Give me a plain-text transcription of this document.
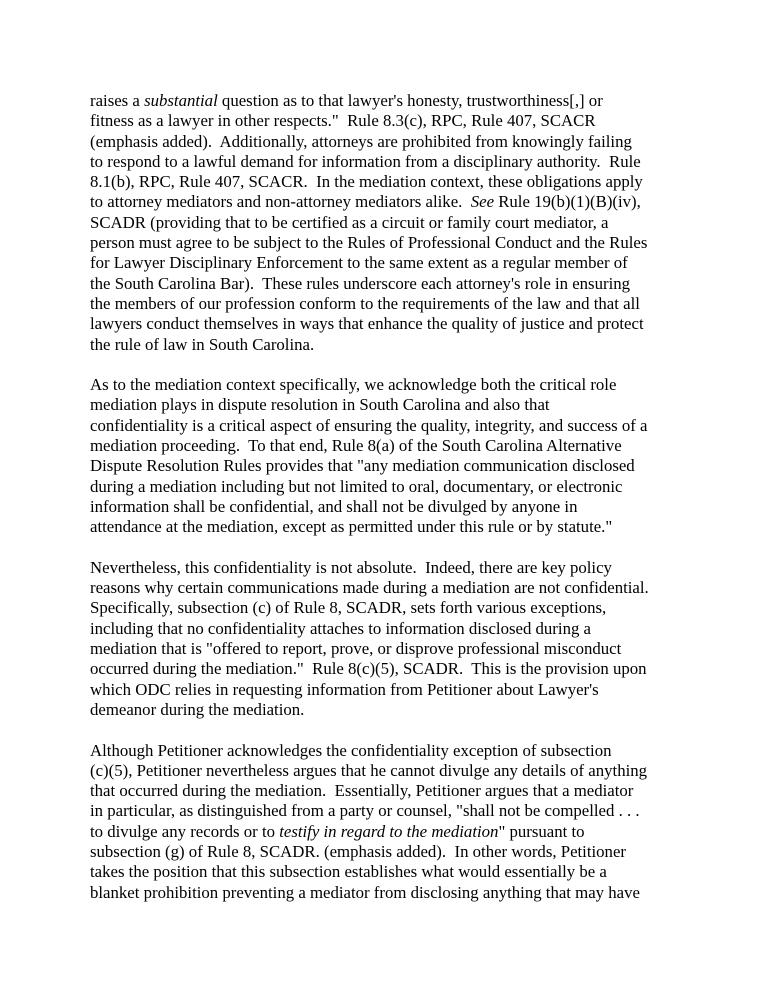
raises a substantial question as to that lawyer's honesty, trustworthiness[,] or
fitness as a lawyer in other respects."  Rule 8.3(c), RPC, Rule 407, SCACR
(emphasis added).  Additionally, attorneys are prohibited from knowingly failing
to respond to a lawful demand for information from a disciplinary authority.  Rule
8.1(b), RPC, Rule 407, SCACR.  In the mediation context, these obligations apply
to attorney mediators and non-attorney mediators alike.  See Rule 19(b)(1)(B)(iv),
SCADR (providing that to be certified as a circuit or family court mediator, a
person must agree to be subject to the Rules of Professional Conduct and the Rules
for Lawyer Disciplinary Enforcement to the same extent as a regular member of
the South Carolina Bar).  These rules underscore each attorney's role in ensuring
the members of our profession conform to the requirements of the law and that all
lawyers conduct themselves in ways that enhance the quality of justice and protect
the rule of law in South Carolina.
As to the mediation context specifically, we acknowledge both the critical role
mediation plays in dispute resolution in South Carolina and also that
confidentiality is a critical aspect of ensuring the quality, integrity, and success of a
mediation proceeding.  To that end, Rule 8(a) of the South Carolina Alternative
Dispute Resolution Rules provides that "any mediation communication disclosed
during a mediation including but not limited to oral, documentary, or electronic
information shall be confidential, and shall not be divulged by anyone in
attendance at the mediation, except as permitted under this rule or by statute."
Nevertheless, this confidentiality is not absolute.  Indeed, there are key policy
reasons why certain communications made during a mediation are not confidential.
Specifically, subsection (c) of Rule 8, SCADR, sets forth various exceptions,
including that no confidentiality attaches to information disclosed during a
mediation that is "offered to report, prove, or disprove professional misconduct
occurred during the mediation."  Rule 8(c)(5), SCADR.  This is the provision upon
which ODC relies in requesting information from Petitioner about Lawyer's
demeanor during the mediation.
Although Petitioner acknowledges the confidentiality exception of subsection
(c)(5), Petitioner nevertheless argues that he cannot divulge any details of anything
that occurred during the mediation.  Essentially, Petitioner argues that a mediator
in particular, as distinguished from a party or counsel, "shall not be compelled . . .
to divulge any records or to testify in regard to the mediation" pursuant to
subsection (g) of Rule 8, SCADR. (emphasis added).  In other words, Petitioner
takes the position that this subsection establishes what would essentially be a
blanket prohibition preventing a mediator from disclosing anything that may have
